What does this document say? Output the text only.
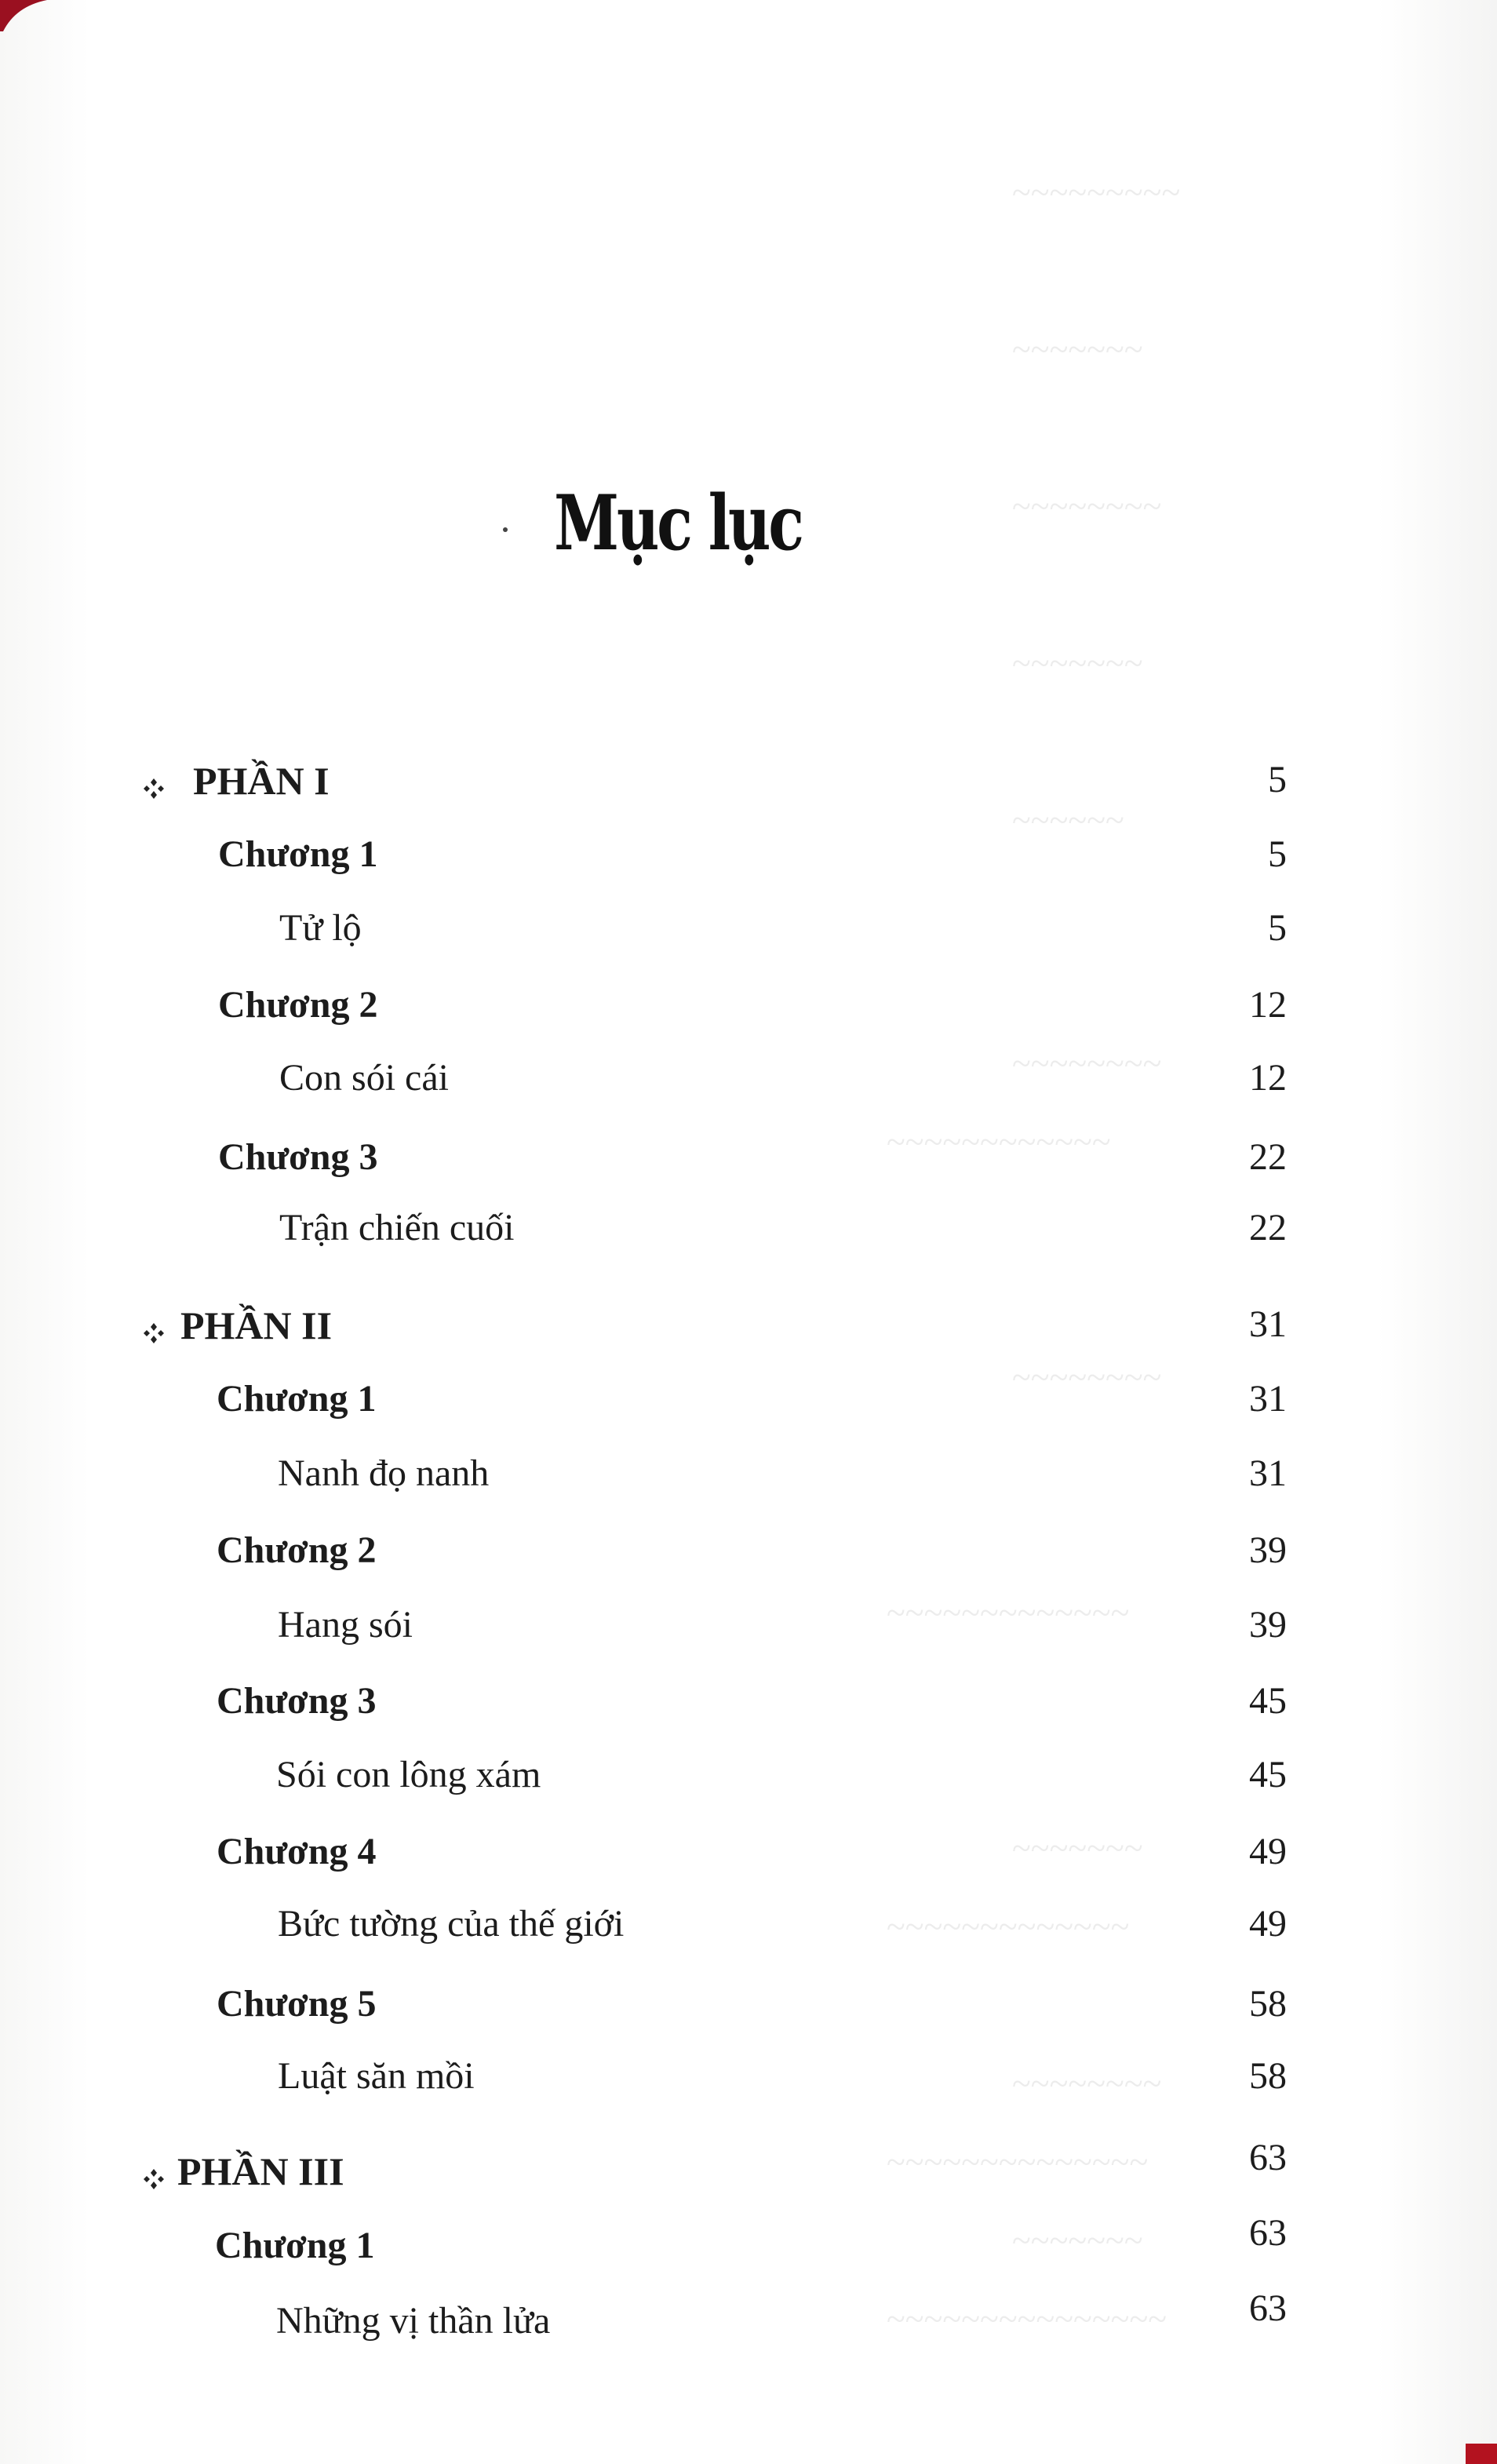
~~~~~~~~~
~~~~~~~
~~~~~~~~
~~~~~~~
~~~~~~
~~~~~~~~
~~~~~~~~~~~~
~~~~~~~~
~~~~~~~~~~~~~
~~~~~~~
~~~~~~~~~~~~~
~~~~~~~~
~~~~~~~~~~~~~~
~~~~~~~
~~~~~~~~~~~~~~~
Mục lục
PHẦN I	5
Chương 1	5
Tử lộ	5
Chương 2	12
Con sói cái	12
Chương 3	22
Trận chiến cuối	22
PHẦN II	31
Chương 1	31
Nanh đọ nanh	31
Chương 2	39
Hang sói	39
Chương 3	45
Sói con lông xám	45
Chương 4	49
Bức tường của thế giới	49
Chương 5	58
Luật săn mồi	58
PHẦN III	63
Chương 1	63
Những vị thần lửa	63
